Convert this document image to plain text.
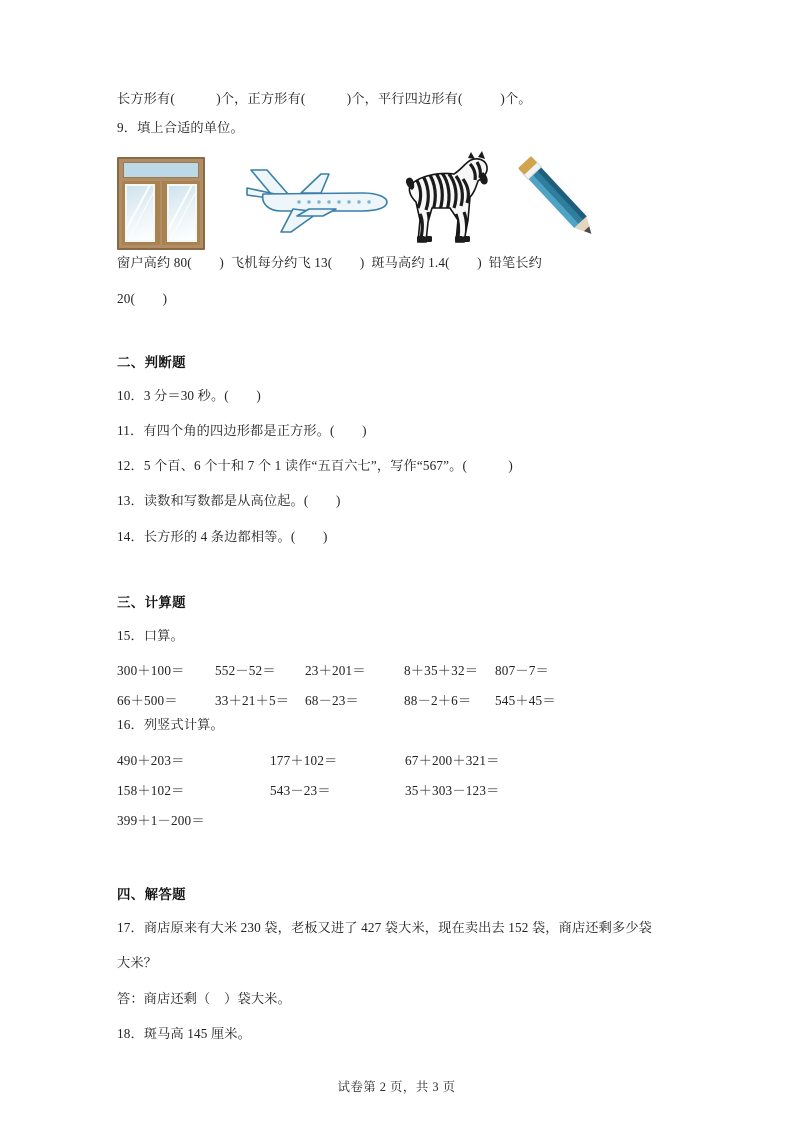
长方形有(            )个，正方形有(            )个，平行四边形有(           )个。
9．填上合适的单位。
窗户高约 80(        )  飞机每分约飞 13(        )  斑马高约 1.4(        )  铅笔长约
20(        )
二、判断题
10．3 分＝30 秒。(        )
11．有四个角的四边形都是正方形。(        )
12．5 个百、6 个十和 7 个 1 读作“五百六七”，写作“567”。(            )
13．读数和写数都是从高位起。(        )
14．长方形的 4 条边都相等。(        )
三、计算题
15．口算。
300＋100＝ 552－52＝ 23＋201＝	8＋35＋32＝ 807－7＝
66＋500＝	33＋21＋5＝ 68－23＝	88－2＋6＝ 545＋45＝
16．列竖式计算。
490＋203＝	177＋102＝	67＋200＋321＝
158＋102＝	543－23＝	35＋303－123＝
399＋1－200＝
四、解答题
17．商店原来有大米 230 袋，老板又进了 427 袋大米，现在卖出去 152 袋，商店还剩多少袋
大米？
答：商店还剩（    ）袋大米。
18．斑马高 145 厘米。
试卷第 2 页，共 3 页
